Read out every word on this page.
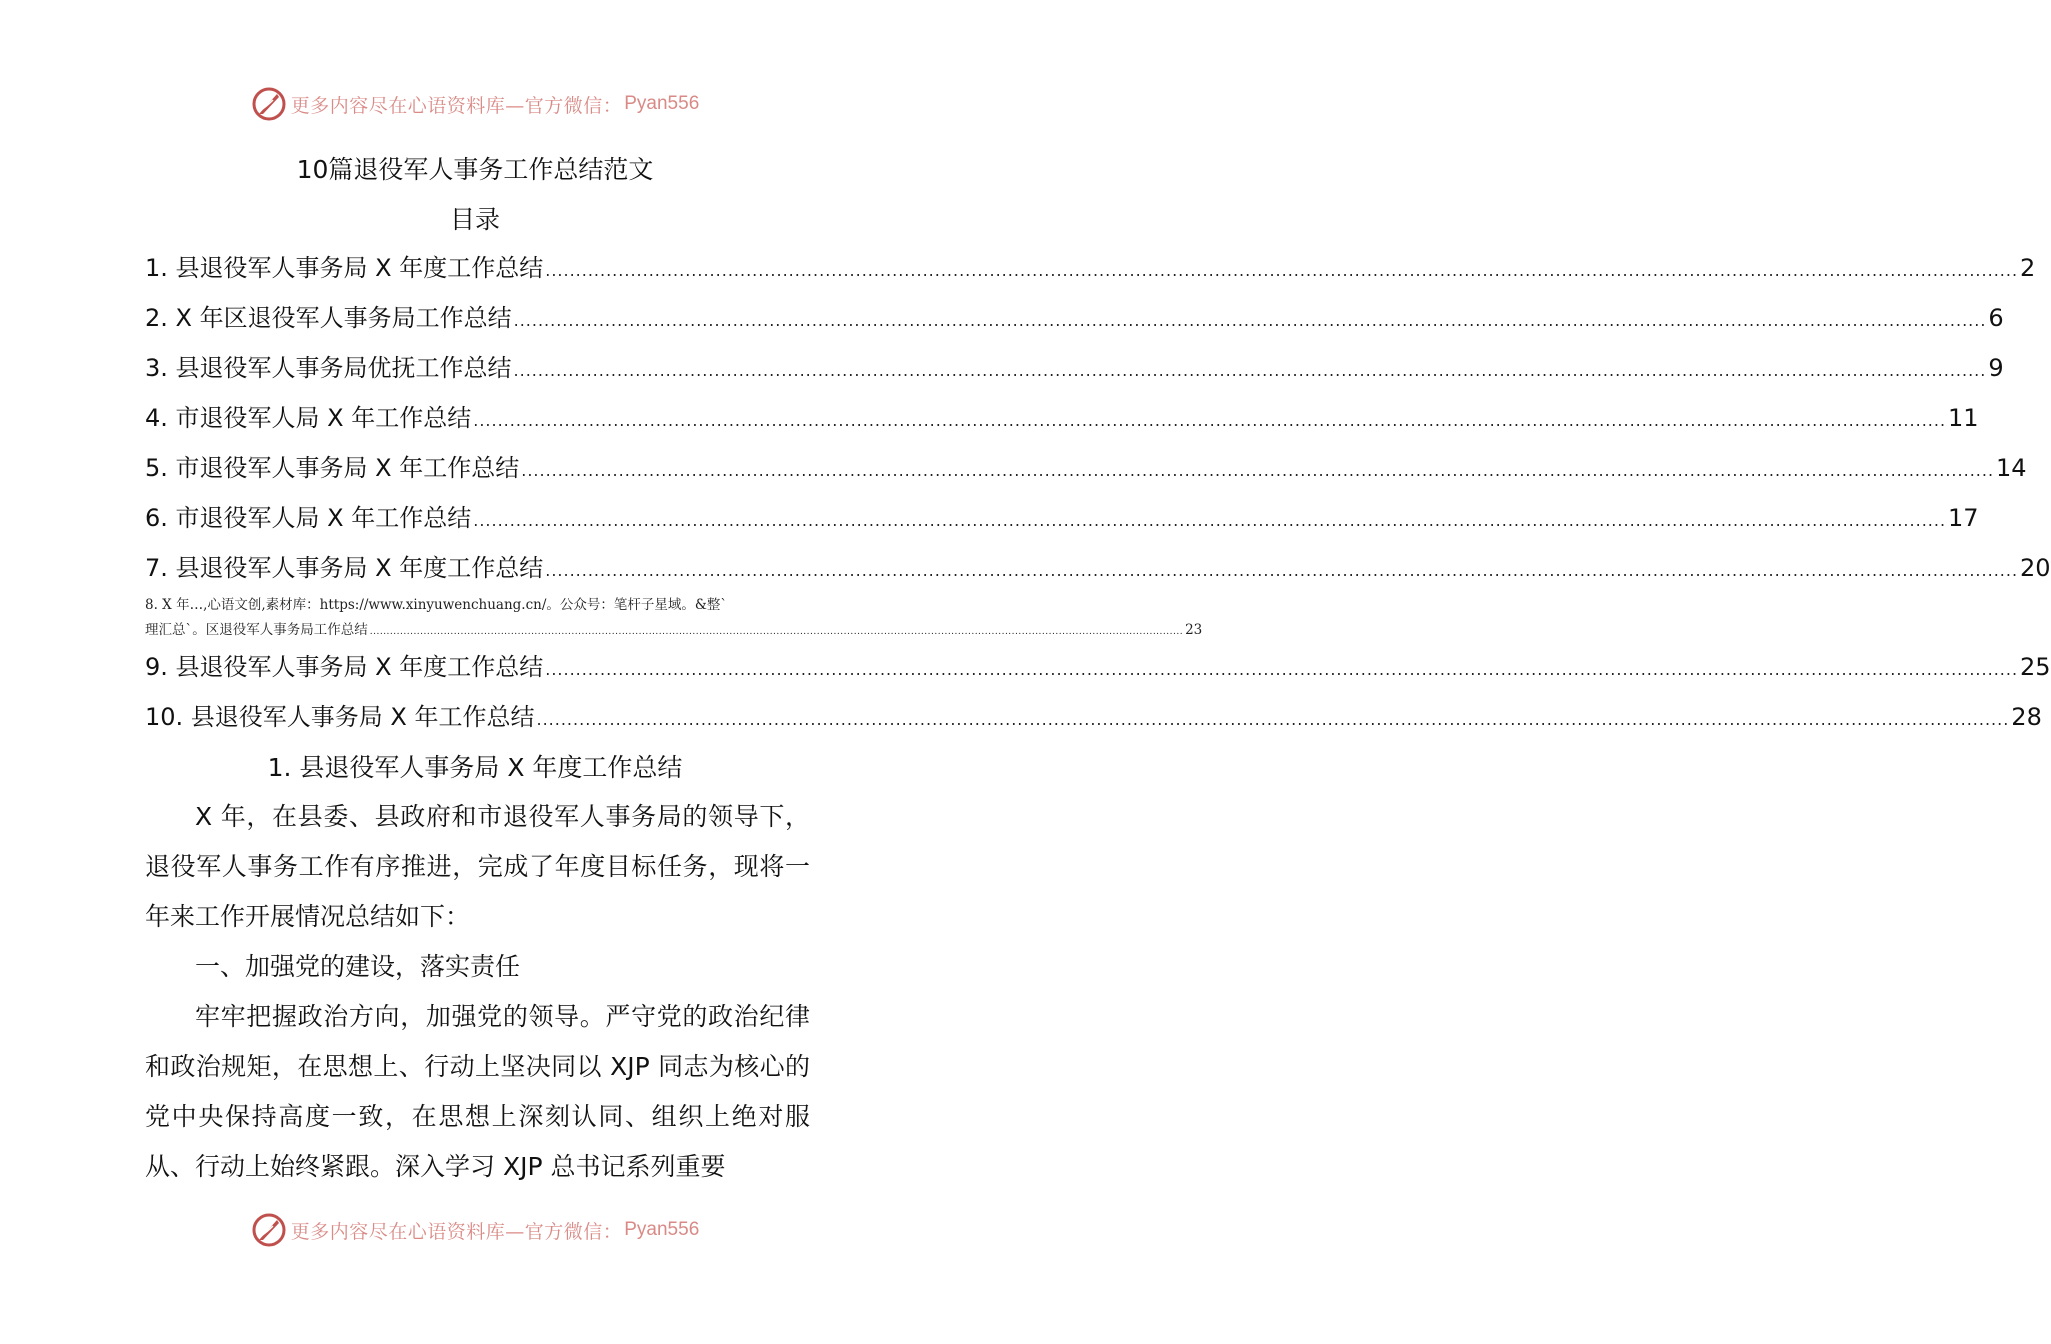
更多内容尽在心语资料库—官方微信： Pyan556
10篇退役军人事务工作总结范文
目录
1. 县退役军人事务局 X 年度工作总结 .....	2
2. X 年区退役军人事务局工作总结 .....	6
3. 县退役军人事务局优抚工作总结 .....	9
4. 市退役军人局 X 年工作总结 .....	11
5. 市退役军人事务局 X 年工作总结 .....	14
6. 市退役军人局 X 年工作总结 .....	17
7. 县退役军人事务局 X 年度工作总结 .....	20
8. X 年…,心语文创,素材库：https://www.xinyuwenchuang.cn/。公众号：笔杆子星域。&整`
理汇总`。区退役军人事务局工作总结 .....	23
9. 县退役军人事务局 X 年度工作总结 .....	25
10. 县退役军人事务局 X 年工作总结 .....	28
1. 县退役军人事务局 X 年度工作总结

X 年，在县委、县政府和市退役军人事务局的领导下，退役军人事务工作有序推进，完成了年度目标任务，现将一年来工作开展情况总结如下：

一、加强党的建设，落实责任

牢牢把握政治方向，加强党的领导。严守党的政治纪律和政治规矩，在思想上、行动上坚决同以 XJP 同志为核心的党中央保持高度一致，在思想上深刻认同、组织上绝对服从、行动上始终紧跟。深入学习 XJP 总书记系列重要

更多内容尽在心语资料库—官方微信： Pyan556
